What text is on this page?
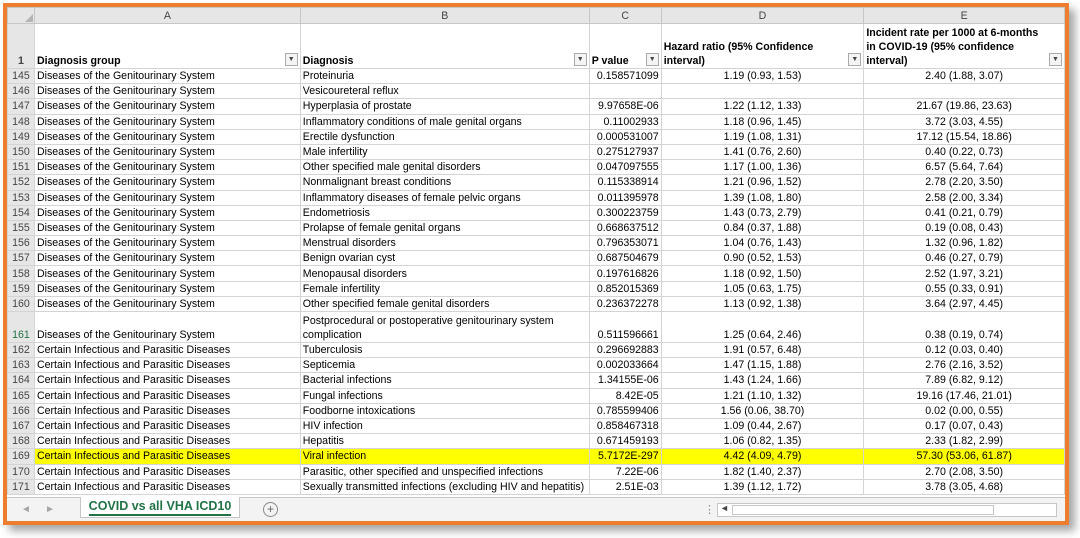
	A	B	C	D	E
1	Diagnosis group ▼	Diagnosis ▼	P value ▼	Hazard ratio (95% Confidence interval) ▼	Incident rate per 1000 at 6-months in COVID-19 (95% confidence interval) ▼

145	Diseases of the Genitourinary System	Proteinuria	0.158571099	1.19 (0.93, 1.53)	2.40 (1.88, 3.07)
146	Diseases of the Genitourinary System	Vesicoureteral reflux			
147	Diseases of the Genitourinary System	Hyperplasia of prostate	9.97658E-06	1.22 (1.12, 1.33)	21.67 (19.86, 23.63)
148	Diseases of the Genitourinary System	Inflammatory conditions of male genital organs	0.11002933	1.18 (0.96, 1.45)	3.72 (3.03, 4.55)
149	Diseases of the Genitourinary System	Erectile dysfunction	0.000531007	1.19 (1.08, 1.31)	17.12 (15.54, 18.86)
150	Diseases of the Genitourinary System	Male infertility	0.275127937	1.41 (0.76, 2.60)	0.40 (0.22, 0.73)
151	Diseases of the Genitourinary System	Other specified male genital disorders	0.047097555	1.17 (1.00, 1.36)	6.57 (5.64, 7.64)
152	Diseases of the Genitourinary System	Nonmalignant breast conditions	0.115338914	1.21 (0.96, 1.52)	2.78 (2.20, 3.50)
153	Diseases of the Genitourinary System	Inflammatory diseases of female pelvic organs	0.011395978	1.39 (1.08, 1.80)	2.58 (2.00, 3.34)
154	Diseases of the Genitourinary System	Endometriosis	0.300223759	1.43 (0.73, 2.79)	0.41 (0.21, 0.79)
155	Diseases of the Genitourinary System	Prolapse of female genital organs	0.668637512	0.84 (0.37, 1.88)	0.19 (0.08, 0.43)
156	Diseases of the Genitourinary System	Menstrual disorders	0.796353071	1.04 (0.76, 1.43)	1.32 (0.96, 1.82)
157	Diseases of the Genitourinary System	Benign ovarian cyst	0.687504679	0.90 (0.52, 1.53)	0.46 (0.27, 0.79)
158	Diseases of the Genitourinary System	Menopausal disorders	0.197616826	1.18 (0.92, 1.50)	2.52 (1.97, 3.21)
159	Diseases of the Genitourinary System	Female infertility	0.852015369	1.05 (0.63, 1.75)	0.55 (0.33, 0.91)
160	Diseases of the Genitourinary System	Other specified female genital disorders	0.236372278	1.13 (0.92, 1.38)	3.64 (2.97, 4.45)
161	Diseases of the Genitourinary System	Postprocedural or postoperative genitourinary system complication	0.511596661	1.25 (0.64, 2.46)	0.38 (0.19, 0.74)
162	Certain Infectious and Parasitic Diseases	Tuberculosis	0.296692883	1.91 (0.57, 6.48)	0.12 (0.03, 0.40)
163	Certain Infectious and Parasitic Diseases	Septicemia	0.002033664	1.47 (1.15, 1.88)	2.76 (2.16, 3.52)
164	Certain Infectious and Parasitic Diseases	Bacterial infections	1.34155E-06	1.43 (1.24, 1.66)	7.89 (6.82, 9.12)
165	Certain Infectious and Parasitic Diseases	Fungal infections	8.42E-05	1.21 (1.10, 1.32)	19.16 (17.46, 21.01)
166	Certain Infectious and Parasitic Diseases	Foodborne intoxications	0.785599406	1.56 (0.06, 38.70)	0.02 (0.00, 0.55)
167	Certain Infectious and Parasitic Diseases	HIV infection	0.858467318	1.09 (0.44, 2.67)	0.17 (0.07, 0.43)
168	Certain Infectious and Parasitic Diseases	Hepatitis	0.671459193	1.06 (0.82, 1.35)	2.33 (1.82, 2.99)
169	Certain Infectious and Parasitic Diseases	Viral infection	5.7172E-297	4.42 (4.09, 4.79)	57.30 (53.06, 61.87)
170	Certain Infectious and Parasitic Diseases	Parasitic, other specified and unspecified infections	7.22E-06	1.82 (1.40, 2.37)	2.70 (2.08, 3.50)
171	Certain Infectious and Parasitic Diseases	Sexually transmitted infections (excluding HIV and hepatitis)	2.51E-03	1.39 (1.12, 1.72)	3.78 (3.05, 4.68)
◄ ►	COVID vs all VHA ICD10	+	⋮ ◄
